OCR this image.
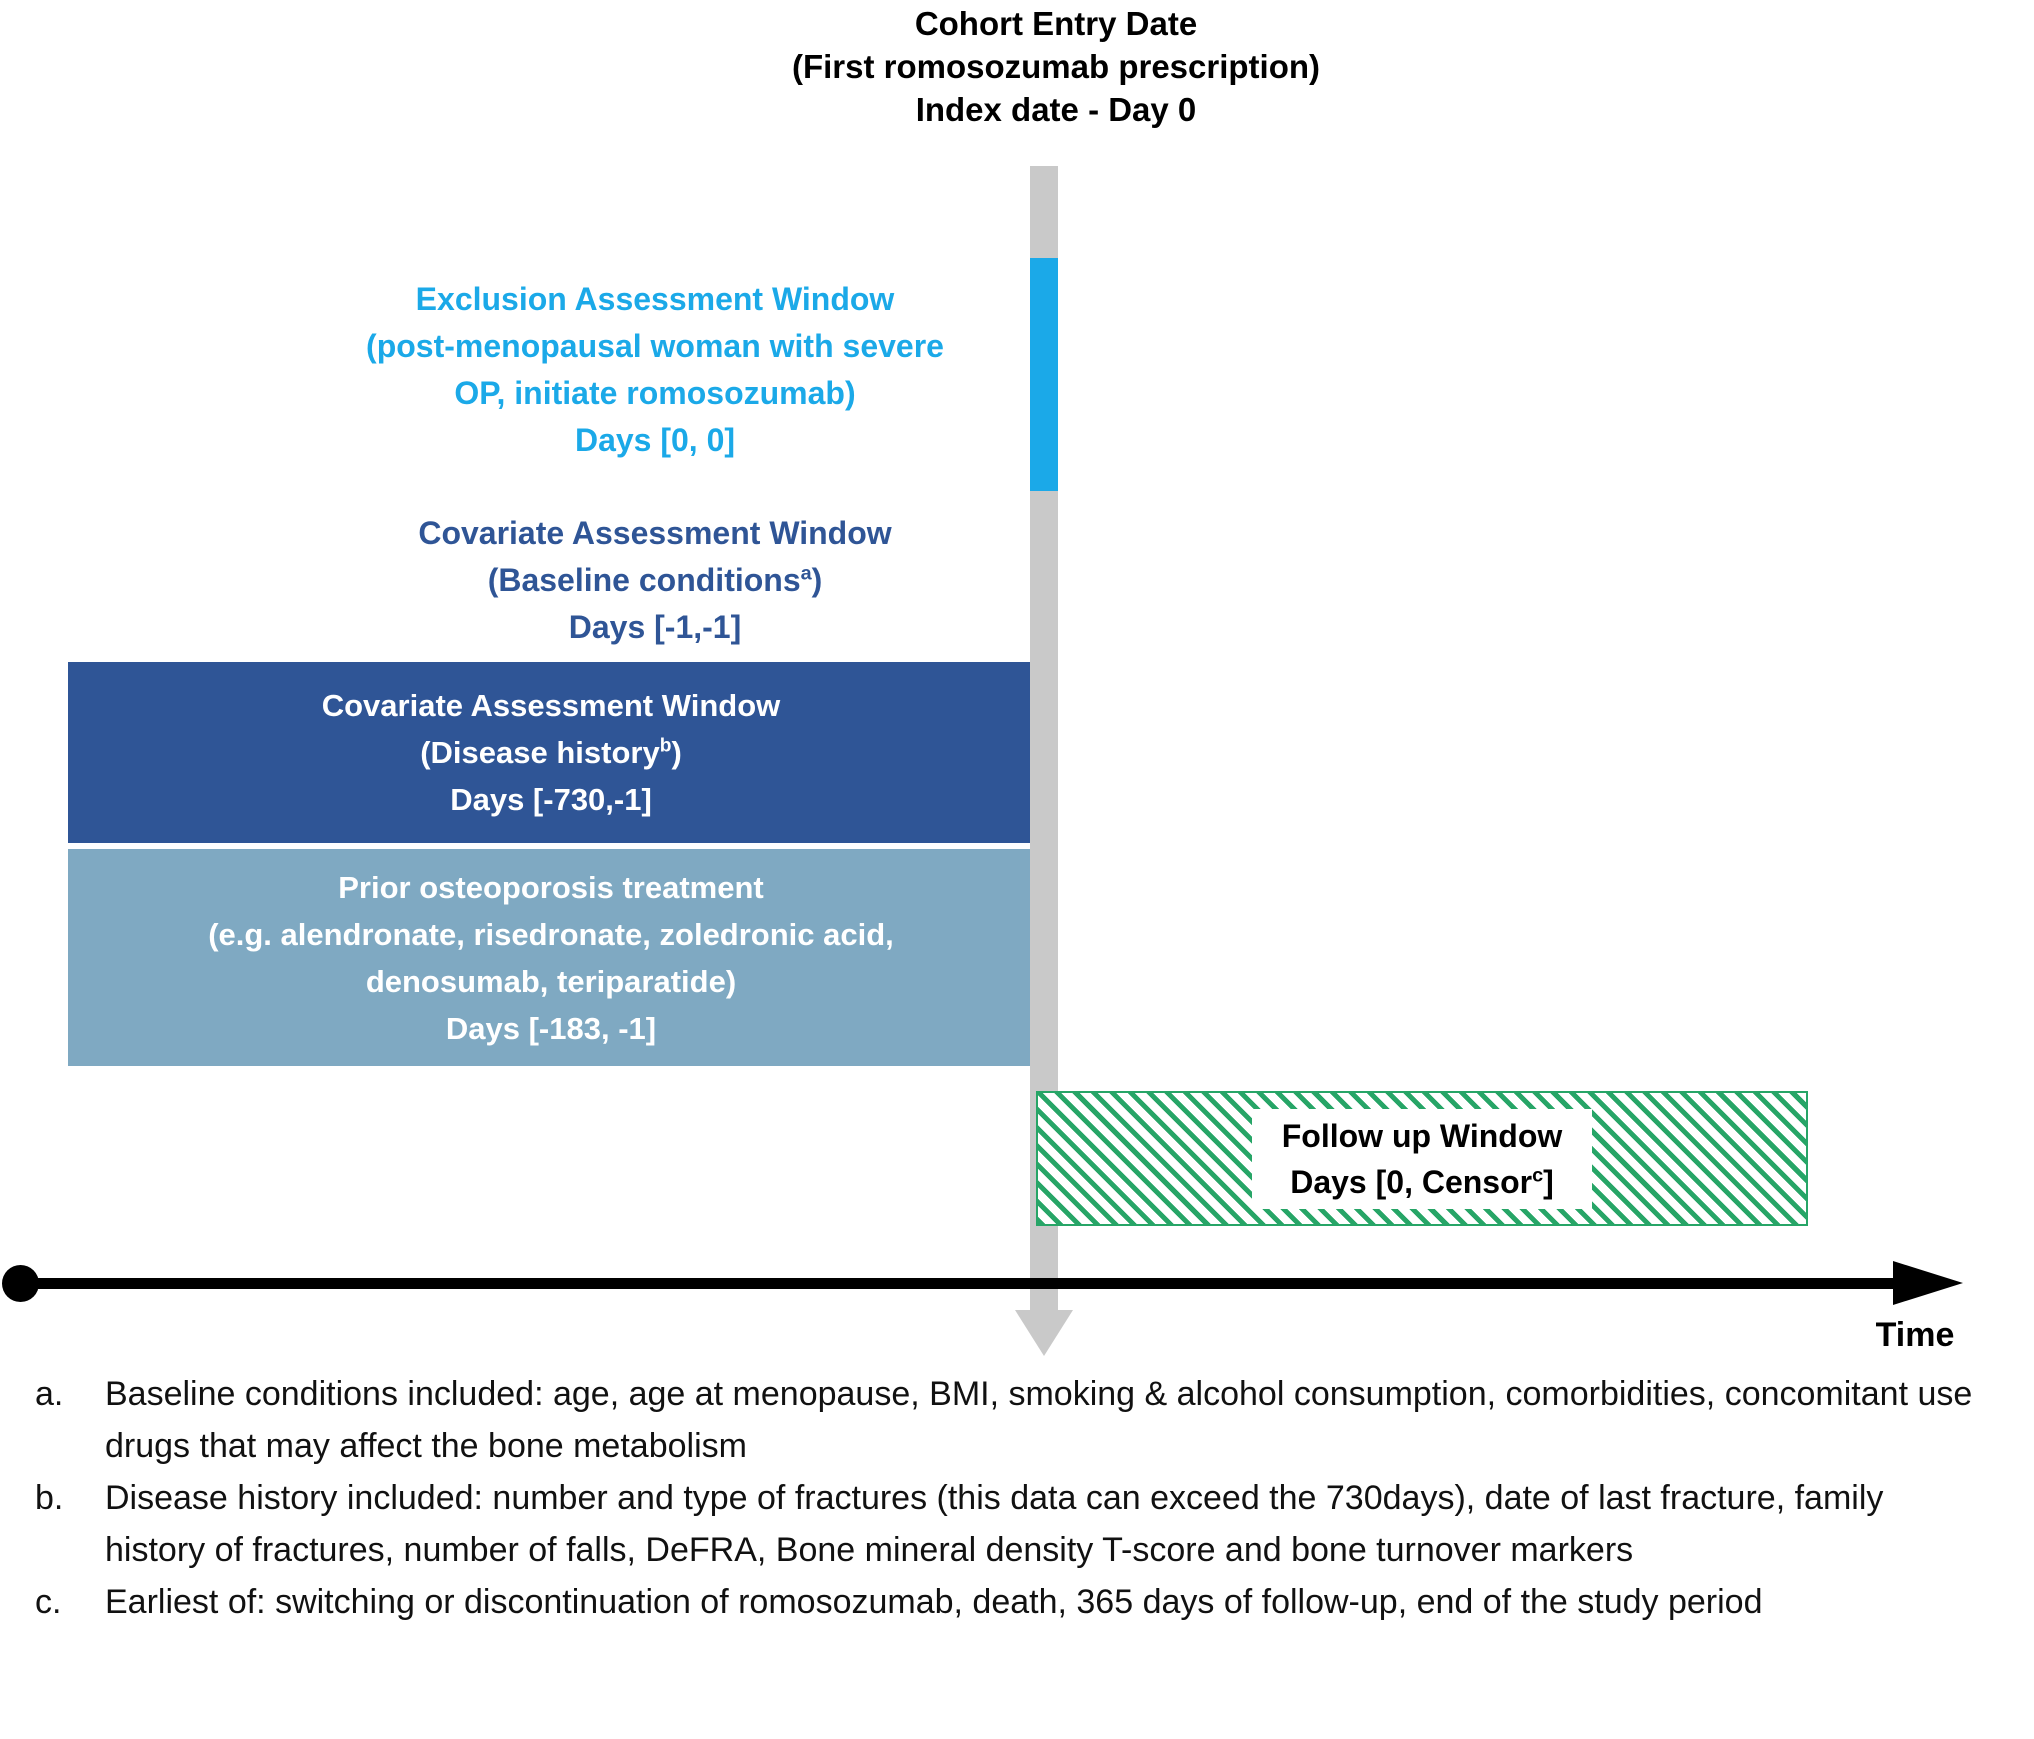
Cohort Entry Date
(First romosozumab prescription)
Index date - Day 0
Exclusion Assessment Window
(post-menopausal woman with severe
OP, initiate romosozumab)
Days [0, 0]
Covariate Assessment Window
(Baseline conditions$^a$)
Days [-1,-1]
Covariate Assessment Window
(Disease history$^b$)
Days [-730,-1]
Prior osteoporosis treatment
(e.g. alendronate, risedronate, zoledronic acid,
denosumab, teriparatide)
Days [-183, -1]
Follow up Window
Days [0, Censor$^c$]
Time
a.	Baseline conditions included: age, age at menopause, BMI, smoking & alcohol consumption, comorbidities, concomitant use drugs that may affect the bone metabolism
b.	Disease history included: number and type of fractures (this data can exceed the 730days), date of last fracture, family history of fractures, number of falls, DeFRA, Bone mineral density T-score and bone turnover markers
c.	Earliest of: switching or discontinuation of romosozumab, death, 365 days of follow-up, end of the study period
